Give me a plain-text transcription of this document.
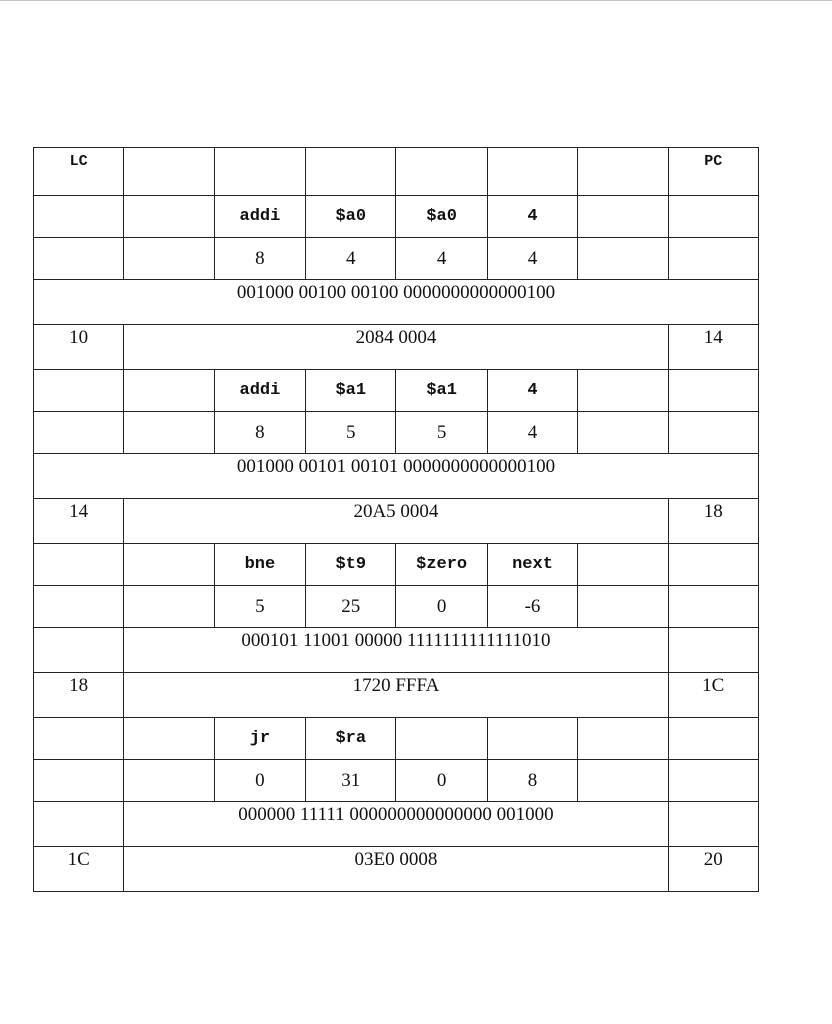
LC							PC
		addi	$a0	$a0	4		
		8	4	4	4		
001000 00100 00100 0000000000000100							
10	2084 0004						14
		addi	$a1	$a1	4		
		8	5	5	4		
001000 00101 00101 0000000000000100							
14	20A5 0004						18
		bne	$t9	$zero	next		
		5	25	0	-6		
	000101 11001 00000 1111111111111010						
18	1720 FFFA						1C
		jr	$ra				
		0	31	0	8		
	000000 11111 000000000000000 001000						
1C	03E0 0008						20
